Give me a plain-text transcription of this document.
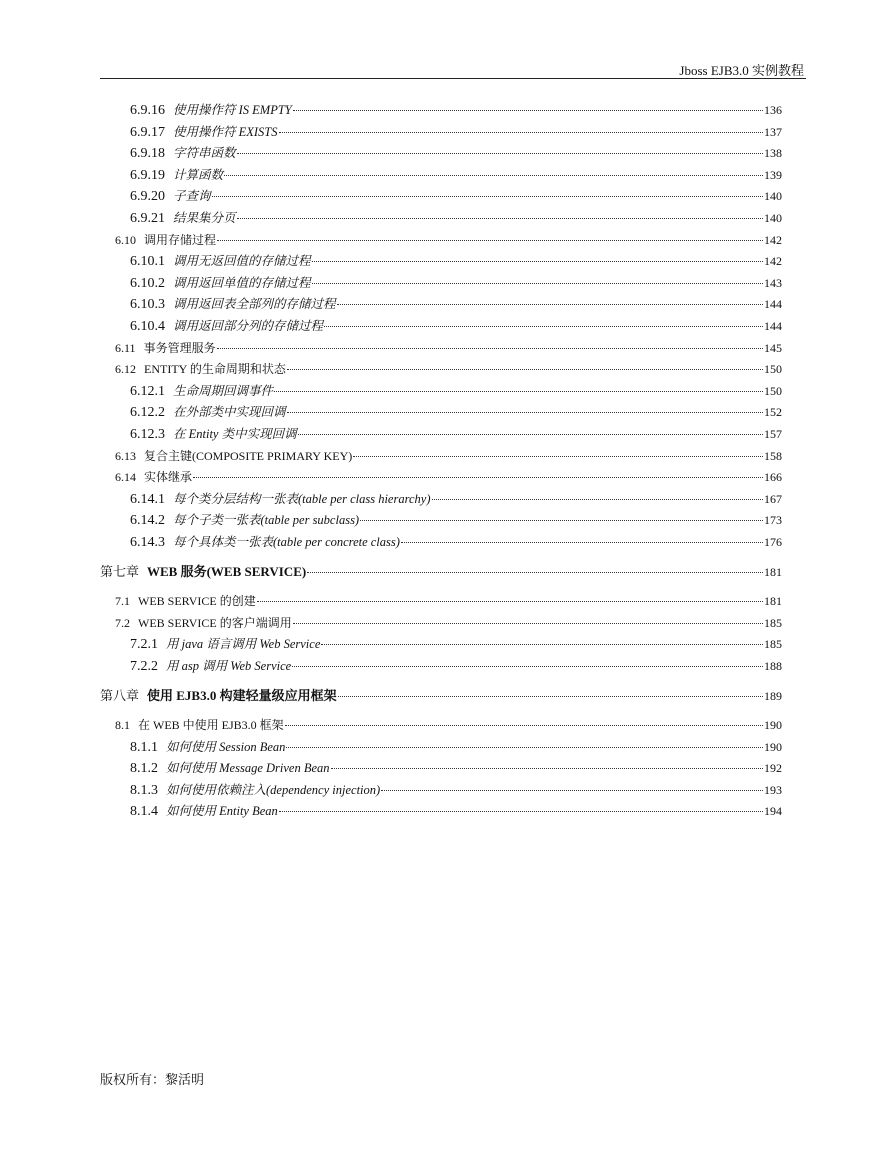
Jboss EJB3.0 实例教程
6.9.16 使用操作符 IS EMPTY	136
6.9.17 使用操作符 EXISTS	137
6.9.18 字符串函数	138
6.9.19 计算函数	139
6.9.20 子查询	140
6.9.21 结果集分页	140
6.10 调用存储过程	142
6.10.1 调用无返回值的存储过程	142
6.10.2 调用返回单值的存储过程	143
6.10.3 调用返回表全部列的存储过程	144
6.10.4 调用返回部分列的存储过程	144
6.11 事务管理服务	145
6.12 ENTITY 的生命周期和状态	150
6.12.1 生命周期回调事件	150
6.12.2 在外部类中实现回调	152
6.12.3 在 Entity 类中实现回调	157
6.13 复合主键(COMPOSITE PRIMARY KEY)	158
6.14 实体继承	166
6.14.1 每个类分层结构一张表(table per class hierarchy)	167
6.14.2 每个子类一张表(table per subclass)	173
6.14.3 每个具体类一张表(table per concrete class)	176
第七章 WEB 服务(WEB SERVICE)	181
7.1 WEB SERVICE 的创建	181
7.2 WEB SERVICE 的客户端调用	185
7.2.1 用 java 语言调用 Web Service	185
7.2.2 用 asp 调用 Web Service	188
第八章 使用 EJB3.0 构建轻量级应用框架	189
8.1 在 WEB 中使用 EJB3.0 框架	190
8.1.1 如何使用 Session Bean	190
8.1.2 如何使用 Message Driven Bean	192
8.1.3 如何使用依赖注入(dependency injection)	193
8.1.4 如何使用 Entity Bean	194
版权所有：黎活明
